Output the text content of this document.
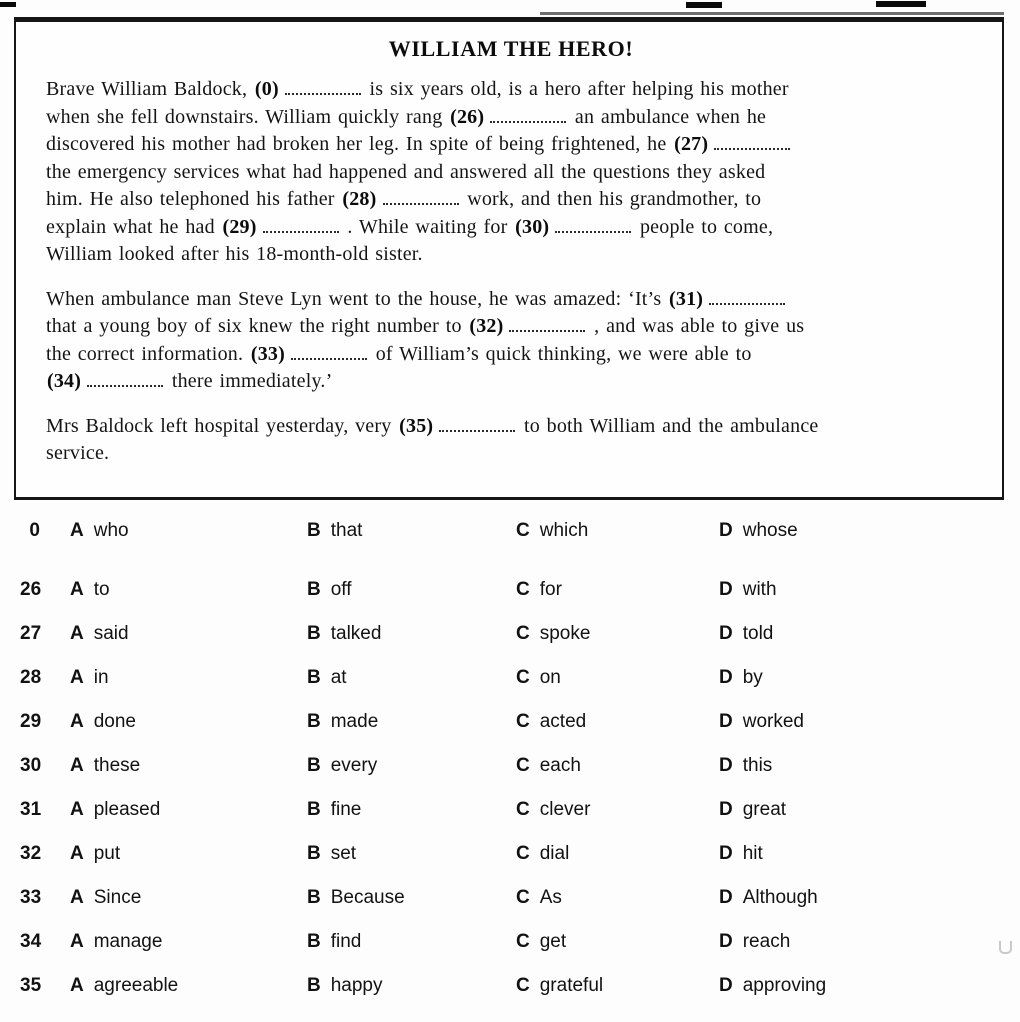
WILLIAM THE HERO!
Brave William Baldock, (0)	is six years old, is a hero after helping his mother
when she fell downstairs. William quickly rang (26)	an ambulance when he
discovered his mother had broken her leg. In spite of being frightened, he (27)
the emergency services what had happened and answered all the questions they asked
him. He also telephoned his father (28)	work, and then his grandmother, to
explain what he had (29)	. While waiting for (30)	people to come,
William looked after his 18-month-old sister.
When ambulance man Steve Lyn went to the house, he was amazed: ‘It’s (31)
that a young boy of six knew the right number to (32)	, and was able to give us
the correct information. (33)	of William’s quick thinking, we were able to
(34)	there immediately.’
Mrs Baldock left hospital yesterday, very (35)	to both William and the ambulance
service.
0	A who	B that	C which	D whose
26	A to	B off	C for	D with
27	A said	B talked	C spoke	D told
28	A in	B at	C on	D by
29	A done	B made	C acted	D worked
30	A these	B every	C each	D this
31	A pleased	B fine	C clever	D great
32	A put	B set	C dial	D hit
33	A Since	B Because	C As	D Although
34	A manage	B find	C get	D reach
35	A agreeable	B happy	C grateful	D approving
